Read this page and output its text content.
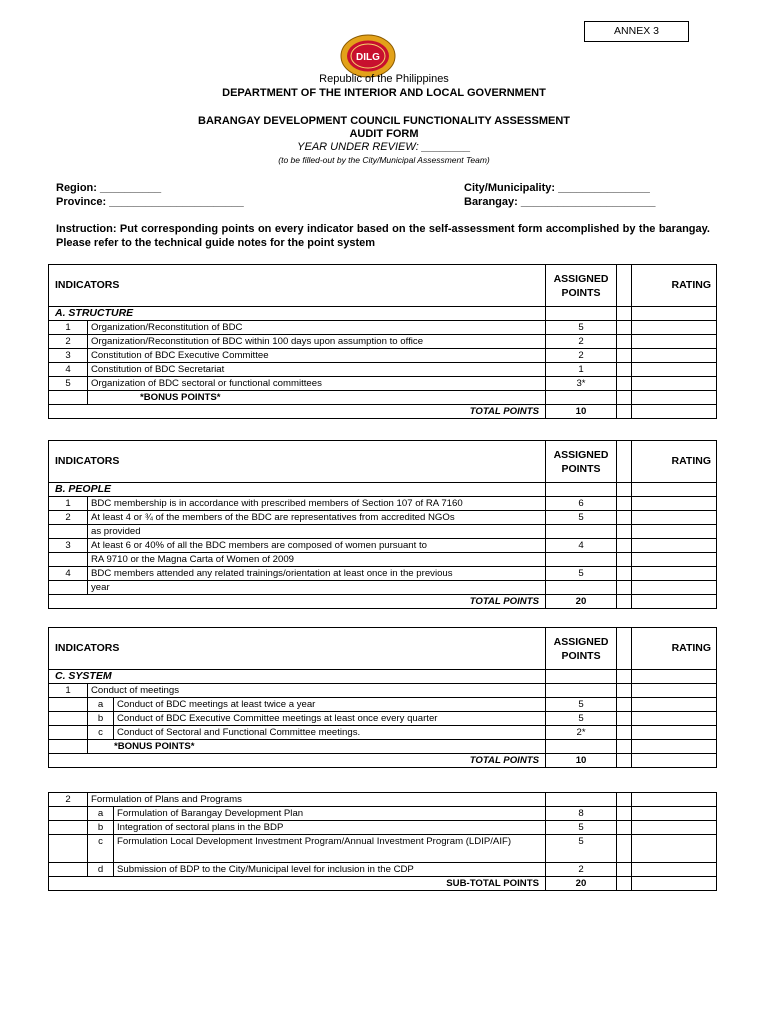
ANNEX 3
DILG
Republic of the Philippines
DEPARTMENT OF THE INTERIOR AND LOCAL GOVERNMENT
BARANGAY DEVELOPMENT COUNCIL FUNCTIONALITY ASSESSMENT
AUDIT FORM
YEAR UNDER REVIEW: ________
(to be filled-out by the City/Municipal Assessment Team)
Region: __________
Province: ______________________
City/Municipality: _______________
Barangay: ______________________
Instruction: Put corresponding points on every indicator based on the self-assessment form accomplished by the barangay. Please refer to the technical guide notes for the point system
INDICATORS		ASSIGNED
POINTS		RATING
A. STRUCTURE				
1	Organization/Reconstitution of BDC	5		
2	Organization/Reconstitution of BDC within 100 days upon assumption to office	2		
3	Constitution of BDC Executive Committee	2		
4	Constitution of BDC Secretariat	1		
5	Organization of BDC sectoral or functional committees	3*		
	*BONUS POINTS*			
TOTAL POINTS		10		
INDICATORS		ASSIGNED
POINTS		RATING
B. PEOPLE				
1	BDC membership is in accordance with prescribed members of Section 107 of RA 7160	6		
2	At least 4 or ¾ of the members of the BDC are representatives from accredited NGOs	5		
	as provided			
3	At least 6 or 40% of all the BDC members are composed of women pursuant to	4		
	RA 9710 or the Magna Carta of Women of 2009			
4	BDC members attended any related trainings/orientation at least once in the previous	5		
	year			
TOTAL POINTS		20		
INDICATORS			ASSIGNED
POINTS		RATING
C. SYSTEM					
1	Conduct of meetings				
	a	Conduct of BDC meetings at least twice a year	5		
	b	Conduct of BDC Executive Committee meetings at least once every quarter	5		
	c	Conduct of Sectoral and Functional Committee meetings.	2*		
	*BONUS POINTS*				
TOTAL POINTS			10		
2	Formulation of Plans and Programs				
	a	Formulation of Barangay Development Plan	8		
	b	Integration of sectoral plans in the BDP	5		
	c	Formulation Local Development Investment Program/Annual Investment Program (LDIP/AIF)	5		
	d	Submission of BDP to the City/Municipal level for inclusion in the CDP	2		
SUB-TOTAL POINTS			20		
